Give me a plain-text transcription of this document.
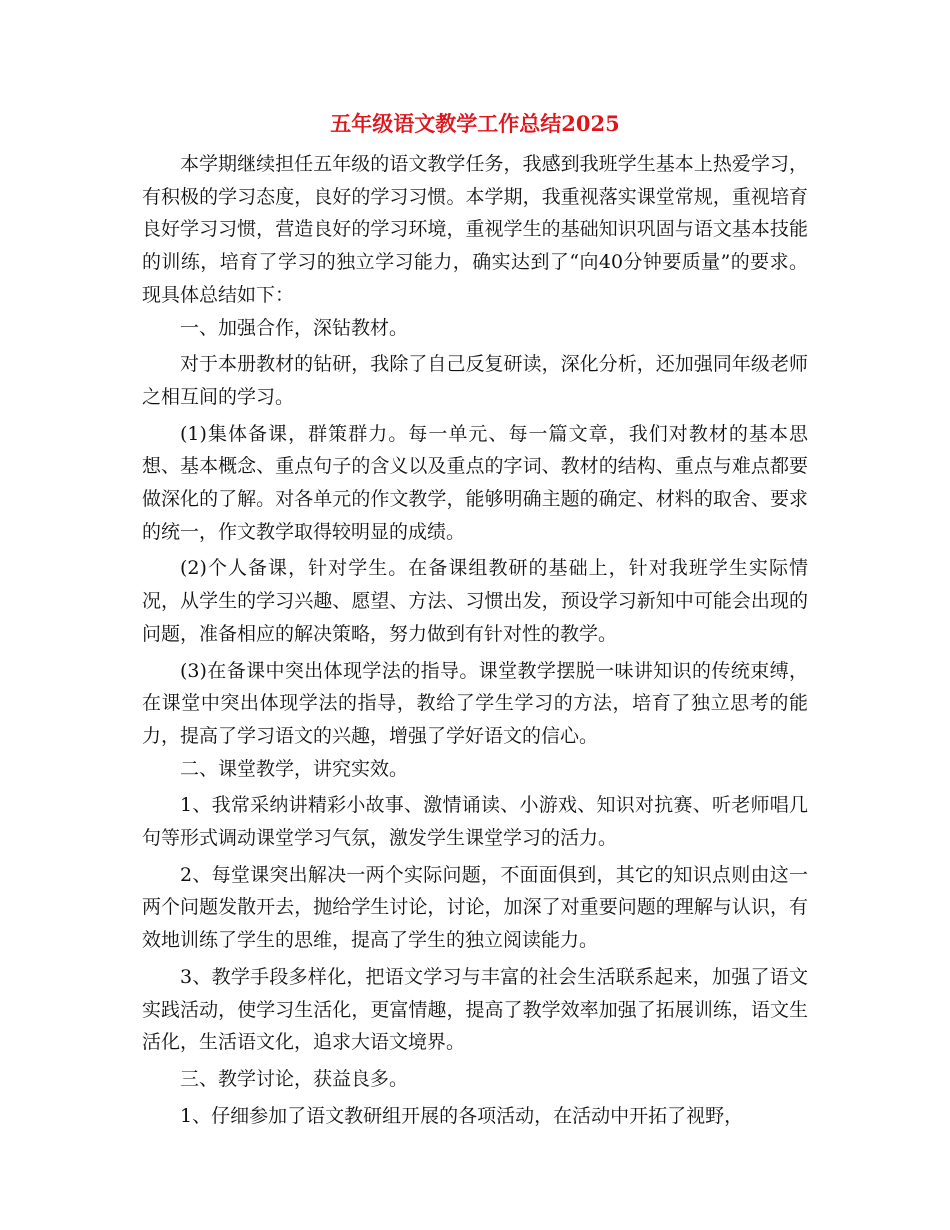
五年级语文教学工作总结2025

本学期继续担任五年级的语文教学任务，我感到我班学生基本上热爱学习，有积极的学习态度，良好的学习习惯。本学期，我重视落实课堂常规，重视培育良好学习习惯，营造良好的学习环境，重视学生的基础知识巩固与语文基本技能的训练，培育了学习的独立学习能力，确实达到了“向40分钟要质量”的要求。现具体总结如下：

一、加强合作，深钻教材。

对于本册教材的钻研，我除了自己反复研读，深化分析，还加强同年级老师之相互间的学习。

(1)集体备课，群策群力。每一单元、每一篇文章，我们对教材的基本思想、基本概念、重点句子的含义以及重点的字词、教材的结构、重点与难点都要做深化的了解。对各单元的作文教学，能够明确主题的确定、材料的取舍、要求的统一，作文教学取得较明显的成绩。

(2)个人备课，针对学生。在备课组教研的基础上，针对我班学生实际情况，从学生的学习兴趣、愿望、方法、习惯出发，预设学习新知中可能会出现的问题，准备相应的解决策略，努力做到有针对性的教学。

(3)在备课中突出体现学法的指导。课堂教学摆脱一味讲知识的传统束缚，在课堂中突出体现学法的指导，教给了学生学习的方法，培育了独立思考的能力，提高了学习语文的兴趣，增强了学好语文的信心。

二、课堂教学，讲究实效。

1、我常采纳讲精彩小故事、激情诵读、小游戏、知识对抗赛、听老师唱几句等形式调动课堂学习气氛，激发学生课堂学习的活力。

2、每堂课突出解决一两个实际问题，不面面俱到，其它的知识点则由这一两个问题发散开去，抛给学生讨论，讨论，加深了对重要问题的理解与认识，有效地训练了学生的思维，提高了学生的独立阅读能力。

3、教学手段多样化，把语文学习与丰富的社会生活联系起来，加强了语文实践活动，使学习生活化，更富情趣，提高了教学效率加强了拓展训练，语文生活化，生活语文化，追求大语文境界。

三、教学讨论，获益良多。

1、仔细参加了语文教研组开展的各项活动，在活动中开拓了视野，
